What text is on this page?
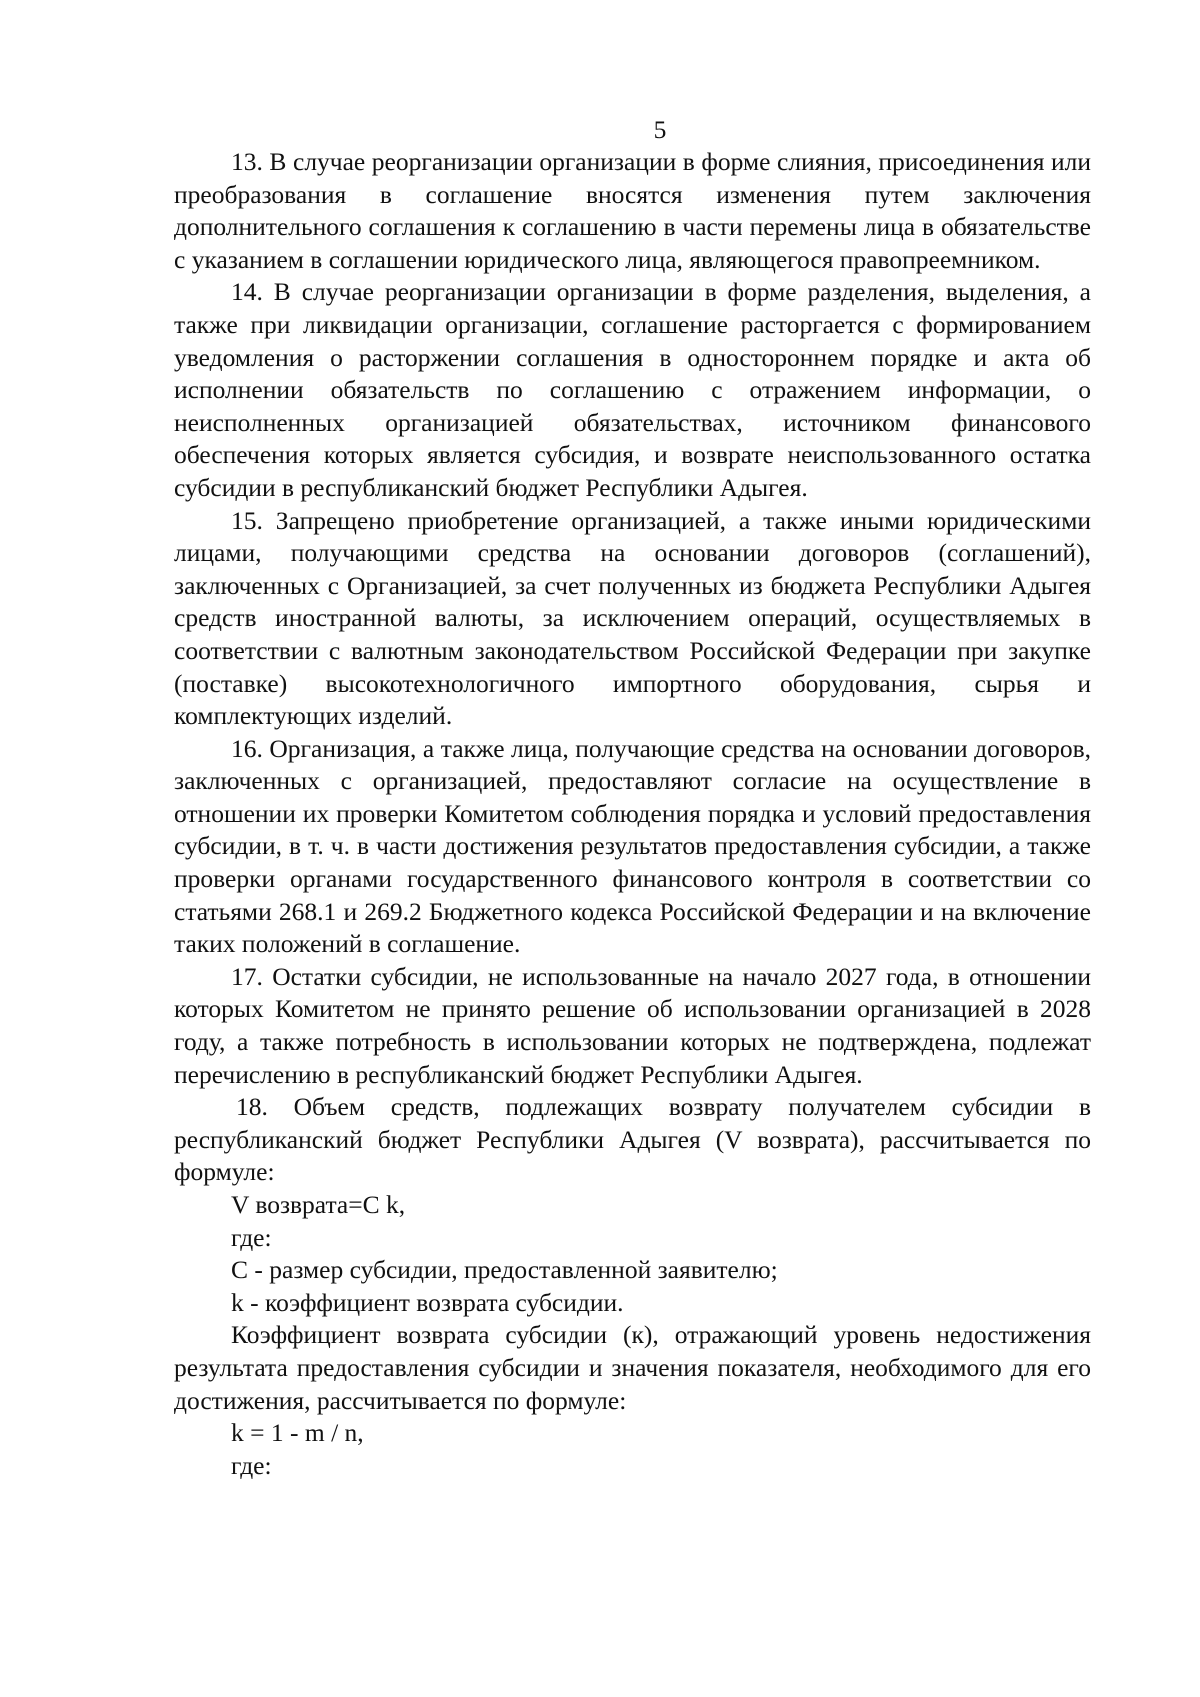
5

13. В случае реорганизации организации в форме слияния, присоединения или преобразования в соглашение вносятся изменения путем заключения дополнительного соглашения к соглашению в части перемены лица в обязательстве с указанием в соглашении юридического лица, являющегося правопреемником.

14. В случае реорганизации организации в форме разделения, выделения, а также при ликвидации организации, соглашение расторгается с формированием уведомления о расторжении соглашения в одностороннем порядке и акта об исполнении обязательств по соглашению с отражением информации, о неисполненных организацией обязательствах, источником финансового обеспечения которых является субсидия, и возврате неиспользованного остатка субсидии в республиканский бюджет Республики Адыгея.

15. Запрещено приобретение организацией, а также иными юридическими лицами, получающими средства на основании договоров (соглашений), заключенных с Организацией, за счет полученных из бюджета Республики Адыгея средств иностранной валюты, за исключением операций, осуществляемых в соответствии с валютным законодательством Российской Федерации при закупке (поставке) высокотехнологичного импортного оборудования, сырья и комплектующих изделий.

16. Организация, а также лица, получающие средства на основании договоров, заключенных с организацией, предоставляют согласие на осуществление в отношении их проверки Комитетом соблюдения порядка и условий предоставления субсидии, в т. ч. в части достижения результатов предоставления субсидии, а также проверки органами государственного финансового контроля в соответствии со статьями 268.1 и 269.2 Бюджетного кодекса Российской Федерации и на включение таких положений в соглашение.

17. Остатки субсидии, не использованные на начало 2027 года, в отношении которых Комитетом не принято решение об использовании организацией в 2028 году, а также потребность в использовании которых не подтверждена, подлежат перечислению в республиканский бюджет Республики Адыгея.

18. Объем средств, подлежащих возврату получателем субсидии в республиканский бюджет Республики Адыгея (V возврата), рассчитывается по формуле:

V возврата=C k,

где:

C - размер субсидии, предоставленной заявителю;

k - коэффициент возврата субсидии.

Коэффициент возврата субсидии (к), отражающий уровень недостижения результата предоставления субсидии и значения показателя, необходимого для его достижения, рассчитывается по формуле:

k = 1 - m / n,

где:
